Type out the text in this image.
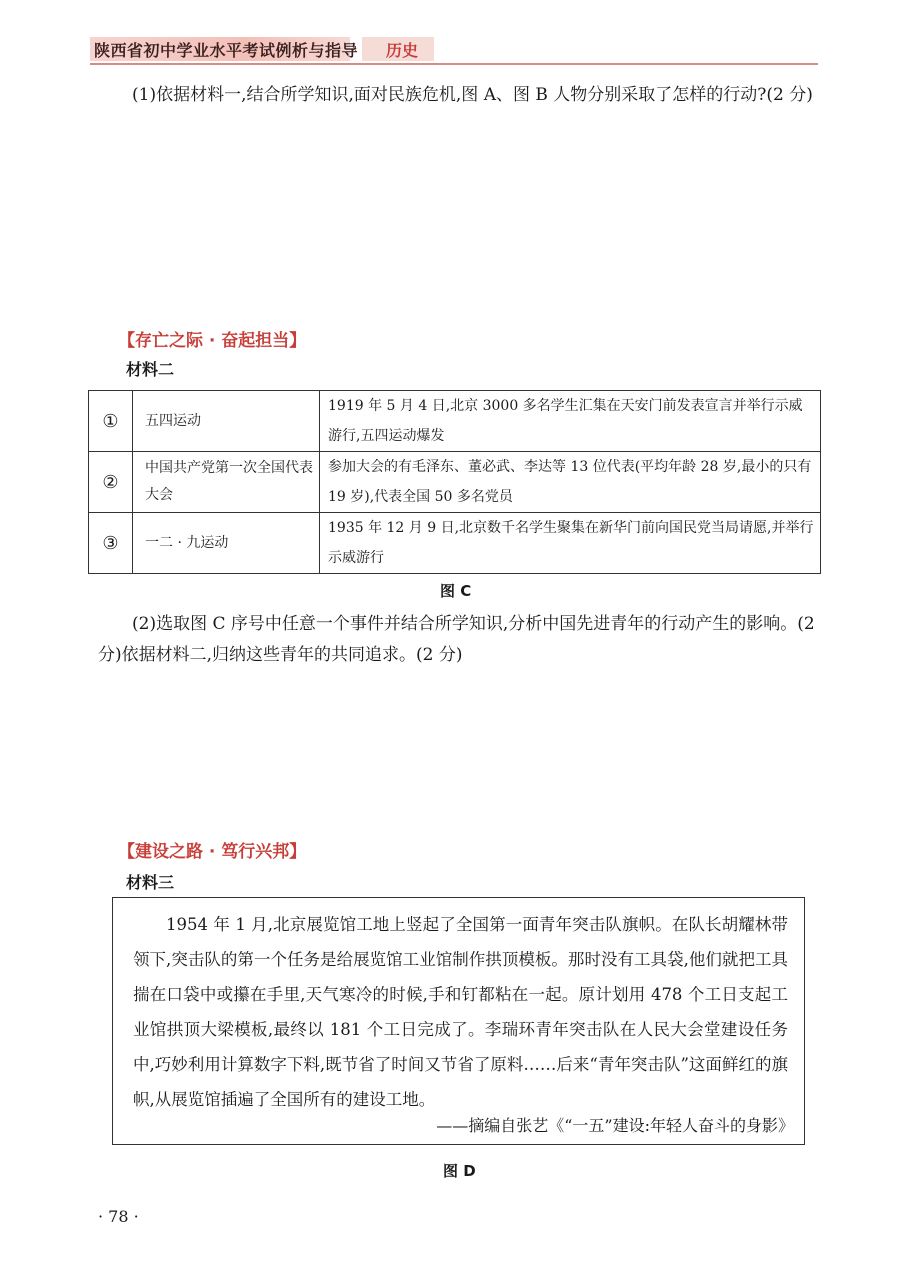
陕西省初中学业水平考试例析与指导 历史
(1)依据材料一,结合所学知识,面对民族危机,图 A、图 B 人物分别采取了怎样的行动?(2 分)
【存亡之际 · 奋起担当】
材料二
①	五四运动	1919 年 5 月 4 日,北京 3000 多名学生汇集在天安门前发表宣言并举行示威游行,五四运动爆发
②	中国共产党第一次全国代表大会	参加大会的有毛泽东、董必武、李达等 13 位代表(平均年龄 28 岁,最小的只有 19 岁),代表全国 50 多名党员
③	一二 · 九运动	1935 年 12 月 9 日,北京数千名学生聚集在新华门前向国民党当局请愿,并举行示威游行
图 C
(2)选取图 C 序号中任意一个事件并结合所学知识,分析中国先进青年的行动产生的影响。(2 分)依据材料二,归纳这些青年的共同追求。(2 分)
【建设之路 · 笃行兴邦】
材料三
1954 年 1 月,北京展览馆工地上竖起了全国第一面青年突击队旗帜。在队长胡耀林带领下,突击队的第一个任务是给展览馆工业馆制作拱顶模板。那时没有工具袋,他们就把工具揣在口袋中或攥在手里,天气寒冷的时候,手和钉都粘在一起。原计划用 478 个工日支起工业馆拱顶大梁模板,最终以 181 个工日完成了。李瑞环青年突击队在人民大会堂建设任务中,巧妙利用计算数字下料,既节省了时间又节省了原料……后来“青年突击队”这面鲜红的旗帜,从展览馆插遍了全国所有的建设工地。
——摘编自张艺《“一五”建设:年轻人奋斗的身影》
图 D
· 78 ·
